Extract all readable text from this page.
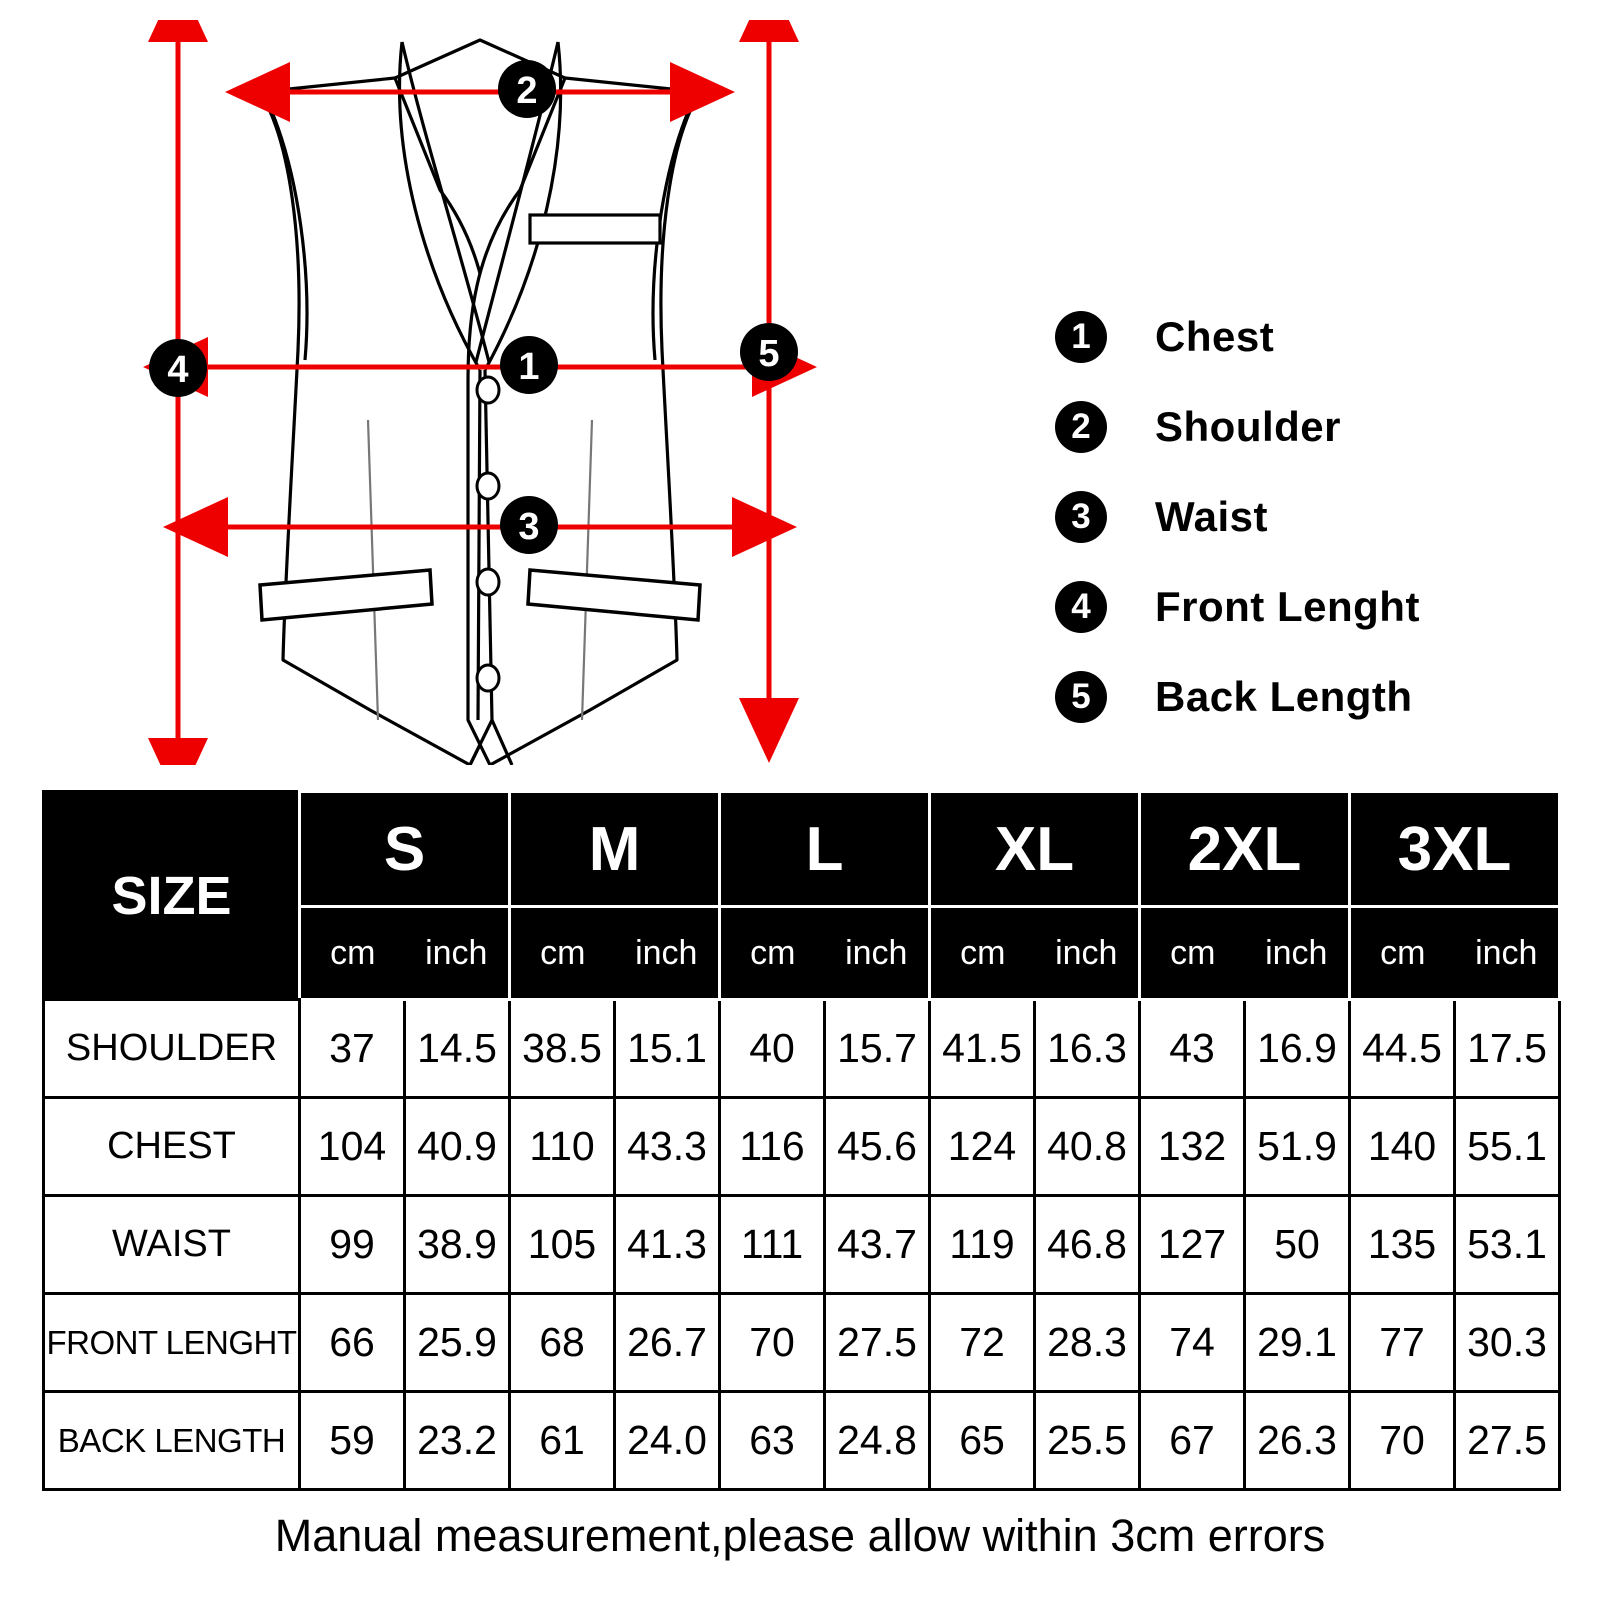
2
1
3
4	5	1	Chest
2	Shoulder
3	Waist
4	Front Lenght
5	Back Length
SIZE	S		M		L		XL		2XL		3XL	
	cm	inch	cm	inch	cm	inch	cm	inch	cm	inch	cm	inch
SHOULDER	37	14.5	38.5	15.1	40	15.7	41.5	16.3	43	16.9	44.5	17.5
CHEST	104	40.9	110	43.3	116	45.6	124	40.8	132	51.9	140	55.1
WAIST	99	38.9	105	41.3	111	43.7	119	46.8	127	50	135	53.1
FRONT LENGHT	66	25.9	68	26.7	70	27.5	72	28.3	74	29.1	77	30.3
BACK LENGTH	59	23.2	61	24.0	63	24.8	65	25.5	67	26.3	70	27.5
Manual measurement,please allow within 3cm errors
